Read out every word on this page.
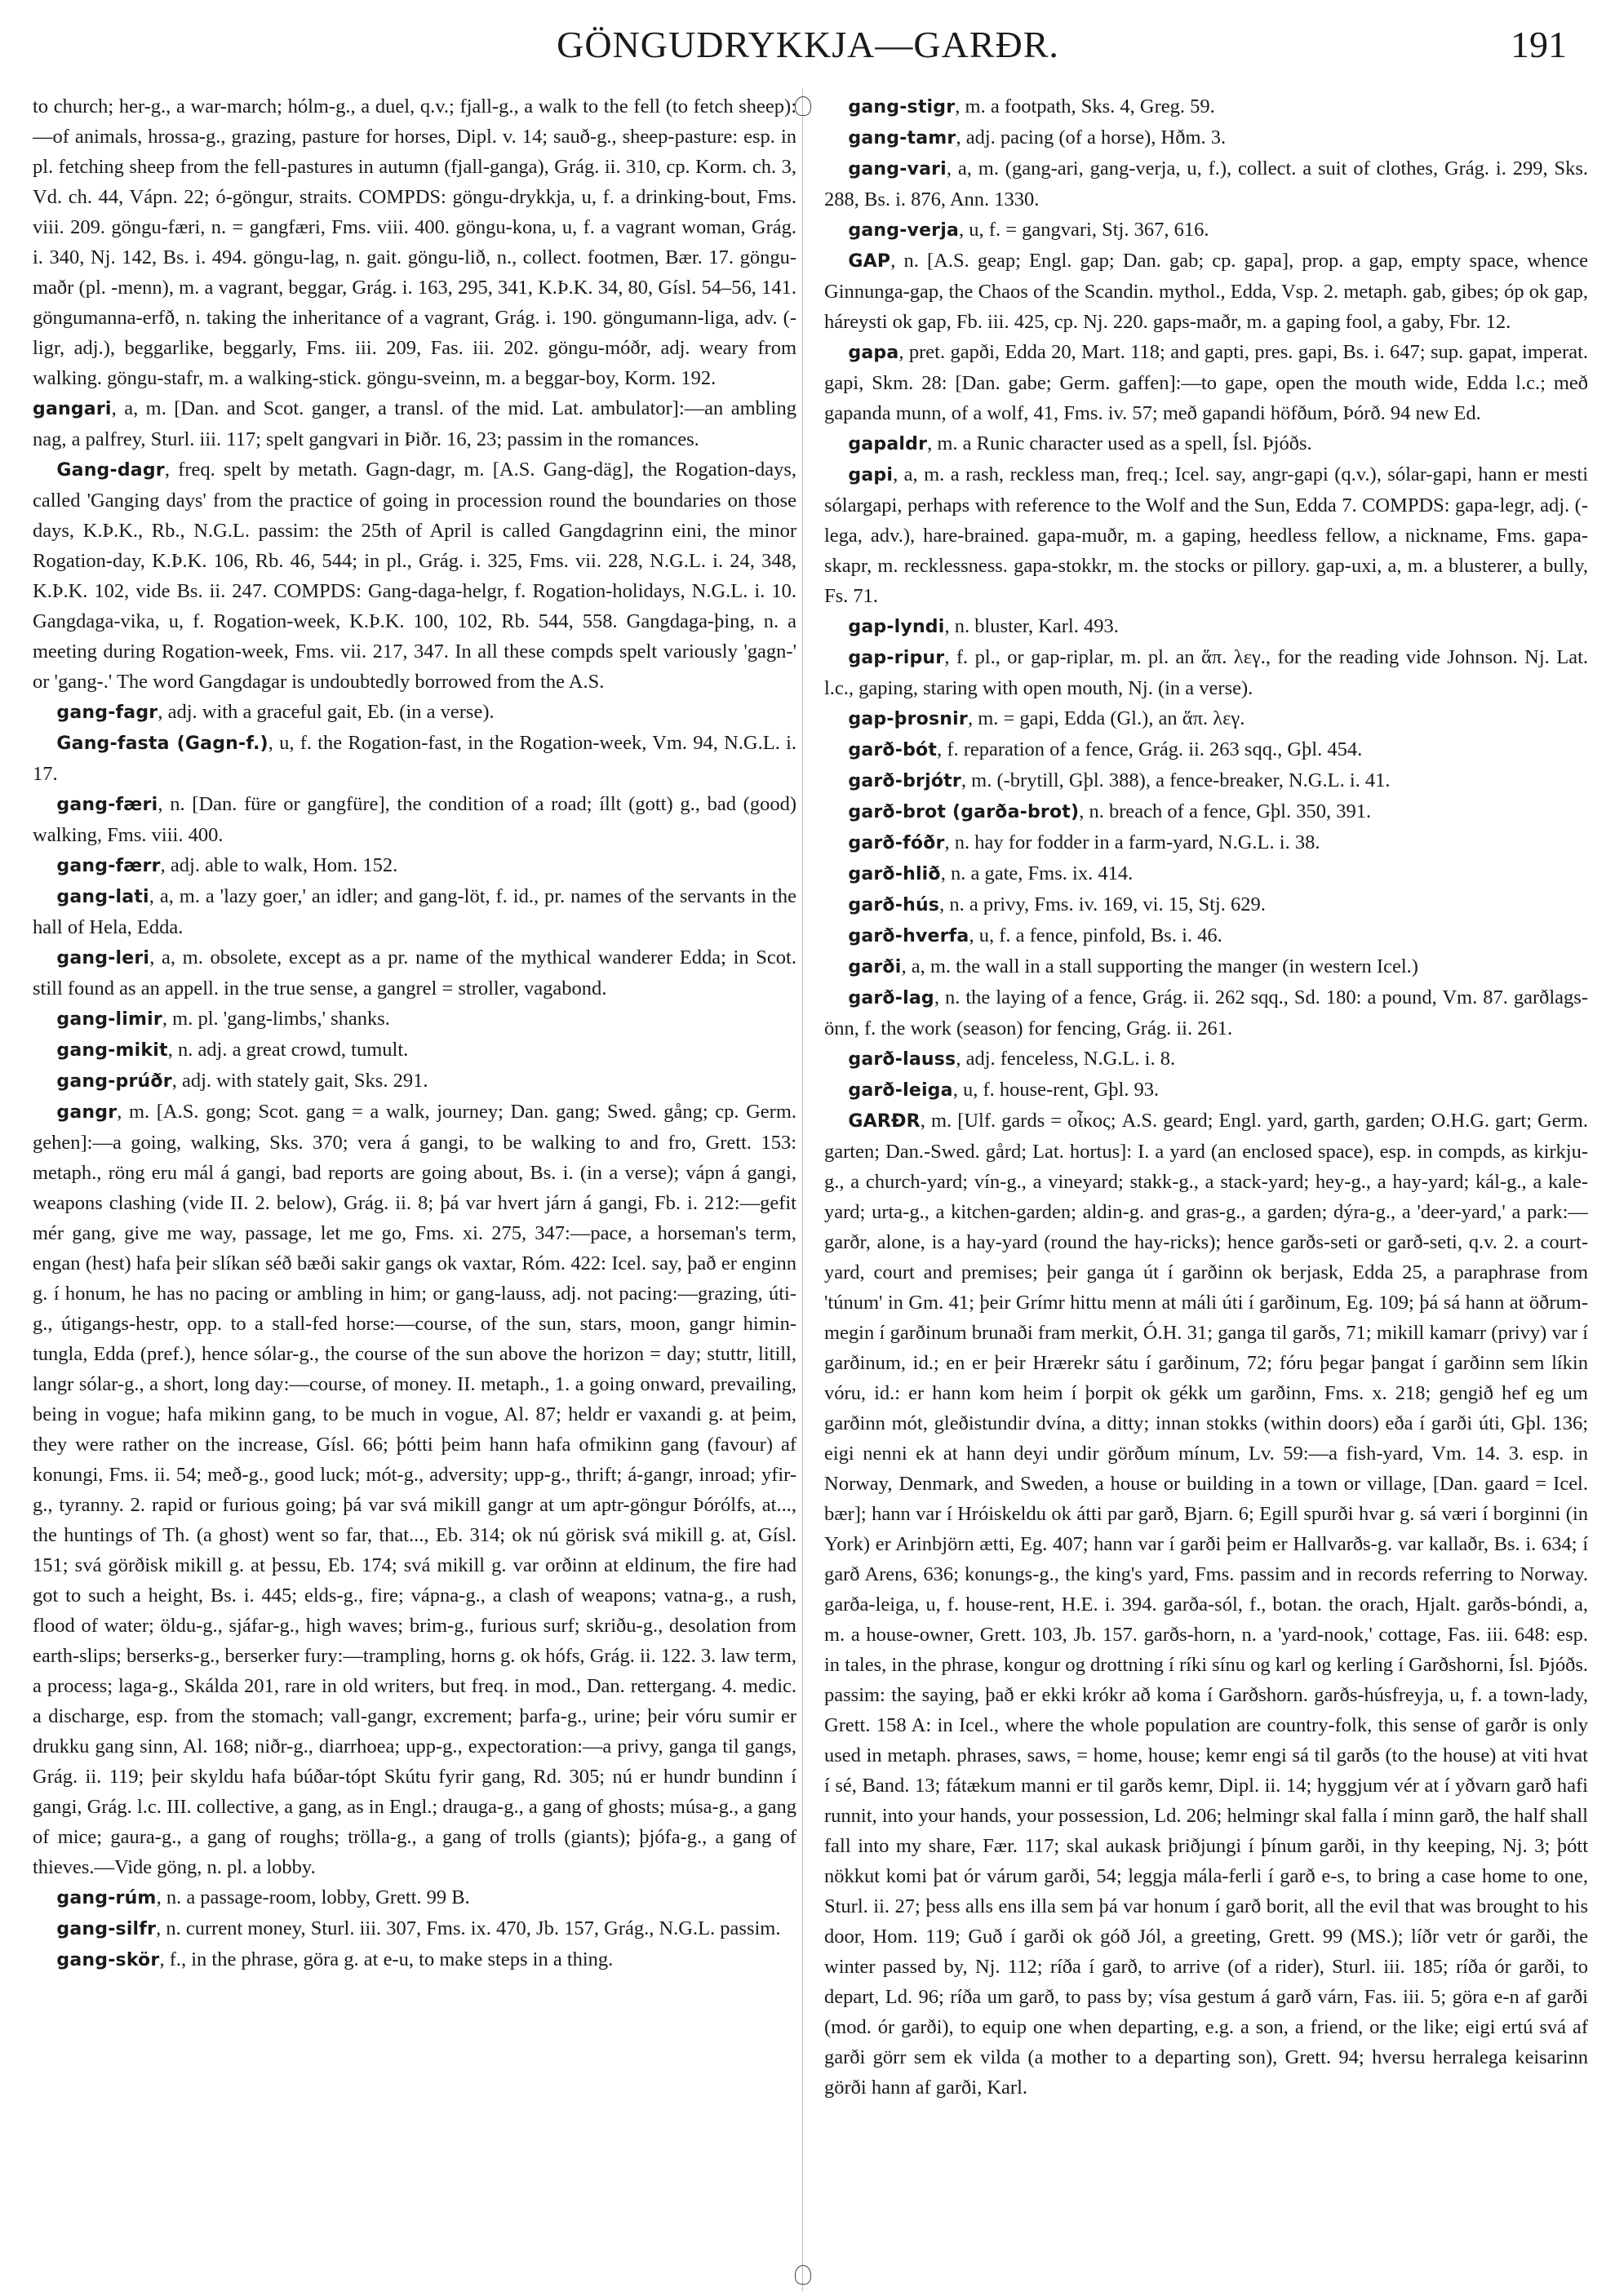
GÖNGUDRYKKJA—GARÐR.	191

to church; her-g., a war-march; hólm-g., a duel, q.v.; fjall-g., a walk to the fell (to fetch sheep):—of animals, hrossa-g., grazing, pasture for horses, Dipl. v. 14; sauð-g., sheep-pasture: esp. in pl. fetching sheep from the fell-pastures in autumn (fjall-ganga), Grág. ii. 310, cp. Korm. ch. 3, Vd. ch. 44, Vápn. 22; ó-göngur, straits. COMPDS: göngu-drykkja, u, f. a drinking-bout, Fms. viii. 209. göngu-færi, n. = gangfæri, Fms. viii. 400. göngu-kona, u, f. a vagrant woman, Grág. i. 340, Nj. 142, Bs. i. 494. göngu-lag, n. gait. göngu-lið, n., collect. footmen, Bær. 17. göngu-maðr (pl. -menn), m. a vagrant, beggar, Grág. i. 163, 295, 341, K.Þ.K. 34, 80, Gísl. 54–56, 141. göngumanna-erfð, n. taking the inheritance of a vagrant, Grág. i. 190. göngumann-liga, adv. (-ligr, adj.), beggarlike, beggarly, Fms. iii. 209, Fas. iii. 202. göngu-móðr, adj. weary from walking. göngu-stafr, m. a walking-stick. göngu-sveinn, m. a beggar-boy, Korm. 192.

gangari, a, m. [Dan. and Scot. ganger, a transl. of the mid. Lat. ambulator]:—an ambling nag, a palfrey, Sturl. iii. 117; spelt gangvari in Þiðr. 16, 23; passim in the romances.

Gang-dagr, freq. spelt by metath. Gagn-dagr, m. [A.S. Gang-däg], the Rogation-days, called 'Ganging days' from the practice of going in procession round the boundaries on those days, K.Þ.K., Rb., N.G.L. passim: the 25th of April is called Gangdagrinn eini, the minor Rogation-day, K.Þ.K. 106, Rb. 46, 544; in pl., Grág. i. 325, Fms. vii. 228, N.G.L. i. 24, 348, K.Þ.K. 102, vide Bs. ii. 247. COMPDS: Gang-daga-helgr, f. Rogation-holidays, N.G.L. i. 10. Gangdaga-vika, u, f. Rogation-week, K.Þ.K. 100, 102, Rb. 544, 558. Gangdaga-þing, n. a meeting during Rogation-week, Fms. vii. 217, 347. In all these compds spelt variously 'gagn-' or 'gang-.' The word Gangdagar is undoubtedly borrowed from the A.S.

gang-fagr, adj. with a graceful gait, Eb. (in a verse).

Gang-fasta (Gagn-f.), u, f. the Rogation-fast, in the Rogation-week, Vm. 94, N.G.L. i. 17.

gang-færi, n. [Dan. füre or gangfüre], the condition of a road; íllt (gott) g., bad (good) walking, Fms. viii. 400.

gang-færr, adj. able to walk, Hom. 152.

gang-lati, a, m. a 'lazy goer,' an idler; and gang-löt, f. id., pr. names of the servants in the hall of Hela, Edda.

gang-leri, a, m. obsolete, except as a pr. name of the mythical wanderer Edda; in Scot. still found as an appell. in the true sense, a gangrel = stroller, vagabond.

gang-limir, m. pl. 'gang-limbs,' shanks.

gang-mikit, n. adj. a great crowd, tumult.

gang-prúðr, adj. with stately gait, Sks. 291.

gangr, m. [A.S. gong; Scot. gang = a walk, journey; Dan. gang; Swed. gång; cp. Germ. gehen]:—a going, walking, Sks. 370; vera á gangi, to be walking to and fro, Grett. 153: metaph., röng eru mál á gangi, bad reports are going about, Bs. i. (in a verse); vápn á gangi, weapons clashing (vide II. 2. below), Grág. ii. 8; þá var hvert járn á gangi, Fb. i. 212:—gefit mér gang, give me way, passage, let me go, Fms. xi. 275, 347:—pace, a horseman's term, engan (hest) hafa þeir slíkan séð bæði sakir gangs ok vaxtar, Róm. 422: Icel. say, það er enginn g. í honum, he has no pacing or ambling in him; or gang-lauss, adj. not pacing:—grazing, úti-g., útigangs-hestr, opp. to a stall-fed horse:—course, of the sun, stars, moon, gangr himin-tungla, Edda (pref.), hence sólar-g., the course of the sun above the horizon = day; stuttr, litill, langr sólar-g., a short, long day:—course, of money. II. metaph., 1. a going onward, prevailing, being in vogue; hafa mikinn gang, to be much in vogue, Al. 87; heldr er vaxandi g. at þeim, they were rather on the increase, Gísl. 66; þótti þeim hann hafa ofmikinn gang (favour) af konungi, Fms. ii. 54; með-g., good luck; mót-g., adversity; upp-g., thrift; á-gangr, inroad; yfir-g., tyranny. 2. rapid or furious going; þá var svá mikill gangr at um aptr-göngur Þórólfs, at..., the huntings of Th. (a ghost) went so far, that..., Eb. 314; ok nú görisk svá mikill g. at, Gísl. 151; svá görðisk mikill g. at þessu, Eb. 174; svá mikill g. var orðinn at eldinum, the fire had got to such a height, Bs. i. 445; elds-g., fire; vápna-g., a clash of weapons; vatna-g., a rush, flood of water; öldu-g., sjáfar-g., high waves; brim-g., furious surf; skriðu-g., desolation from earth-slips; berserks-g., berserker fury:—trampling, horns g. ok hófs, Grág. ii. 122. 3. law term, a process; laga-g., Skálda 201, rare in old writers, but freq. in mod., Dan. rettergang. 4. medic. a discharge, esp. from the stomach; vall-gangr, excrement; þarfa-g., urine; þeir vóru sumir er drukku gang sinn, Al. 168; niðr-g., diarrhoea; upp-g., expectoration:—a privy, ganga til gangs, Grág. ii. 119; þeir skyldu hafa búðar-tópt Skútu fyrir gang, Rd. 305; nú er hundr bundinn í gangi, Grág. l.c. III. collective, a gang, as in Engl.; drauga-g., a gang of ghosts; músa-g., a gang of mice; gaura-g., a gang of roughs; trölla-g., a gang of trolls (giants); þjófa-g., a gang of thieves.—Vide göng, n. pl. a lobby.

gang-rúm, n. a passage-room, lobby, Grett. 99 B.

gang-silfr, n. current money, Sturl. iii. 307, Fms. ix. 470, Jb. 157, Grág., N.G.L. passim.

gang-skör, f., in the phrase, göra g. at e-u, to make steps in a thing.

gang-stigr, m. a footpath, Sks. 4, Greg. 59.

gang-tamr, adj. pacing (of a horse), Hðm. 3.

gang-vari, a, m. (gang-ari, gang-verja, u, f.), collect. a suit of clothes, Grág. i. 299, Sks. 288, Bs. i. 876, Ann. 1330.

gang-verja, u, f. = gangvari, Stj. 367, 616.

GAP, n. [A.S. geap; Engl. gap; Dan. gab; cp. gapa], prop. a gap, empty space, whence Ginnunga-gap, the Chaos of the Scandin. mythol., Edda, Vsp. 2. metaph. gab, gibes; óp ok gap, háreysti ok gap, Fb. iii. 425, cp. Nj. 220. gaps-maðr, m. a gaping fool, a gaby, Fbr. 12.

gapa, pret. gapði, Edda 20, Mart. 118; and gapti, pres. gapi, Bs. i. 647; sup. gapat, imperat. gapi, Skm. 28: [Dan. gabe; Germ. gaffen]:—to gape, open the mouth wide, Edda l.c.; með gapanda munn, of a wolf, 41, Fms. iv. 57; með gapandi höfðum, Þórð. 94 new Ed.

gapaldr, m. a Runic character used as a spell, Ísl. Þjóðs.

gapi, a, m. a rash, reckless man, freq.; Icel. say, angr-gapi (q.v.), sólar-gapi, hann er mesti sólargapi, perhaps with reference to the Wolf and the Sun, Edda 7. COMPDS: gapa-legr, adj. (-lega, adv.), hare-brained. gapa-muðr, m. a gaping, heedless fellow, a nickname, Fms. gapa-skapr, m. recklessness. gapa-stokkr, m. the stocks or pillory. gap-uxi, a, m. a blusterer, a bully, Fs. 71.

gap-lyndi, n. bluster, Karl. 493.

gap-ripur, f. pl., or gap-riplar, m. pl. an ἅπ. λεγ., for the reading vide Johnson. Nj. Lat. l.c., gaping, staring with open mouth, Nj. (in a verse).

gap-þrosnir, m. = gapi, Edda (Gl.), an ἅπ. λεγ.

garð-bót, f. reparation of a fence, Grág. ii. 263 sqq., Gþl. 454.

garð-brjótr, m. (-brytill, Gþl. 388), a fence-breaker, N.G.L. i. 41.

garð-brot (garða-brot), n. breach of a fence, Gþl. 350, 391.

garð-fóðr, n. hay for fodder in a farm-yard, N.G.L. i. 38.

garð-hlið, n. a gate, Fms. ix. 414.

garð-hús, n. a privy, Fms. iv. 169, vi. 15, Stj. 629.

garð-hverfa, u, f. a fence, pinfold, Bs. i. 46.

garði, a, m. the wall in a stall supporting the manger (in western Icel.)

garð-lag, n. the laying of a fence, Grág. ii. 262 sqq., Sd. 180: a pound, Vm. 87. garðlags-önn, f. the work (season) for fencing, Grág. ii. 261.

garð-lauss, adj. fenceless, N.G.L. i. 8.

garð-leiga, u, f. house-rent, Gþl. 93.

GARÐR, m. [Ulf. gards = οἶκος; A.S. geard; Engl. yard, garth, garden; O.H.G. gart; Germ. garten; Dan.-Swed. gård; Lat. hortus]: I. a yard (an enclosed space), esp. in compds, as kirkju-g., a church-yard; vín-g., a vineyard; stakk-g., a stack-yard; hey-g., a hay-yard; kál-g., a kale-yard; urta-g., a kitchen-garden; aldin-g. and gras-g., a garden; dýra-g., a 'deer-yard,' a park:—garðr, alone, is a hay-yard (round the hay-ricks); hence garðs-seti or garð-seti, q.v. 2. a court-yard, court and premises; þeir ganga út í garðinn ok berjask, Edda 25, a paraphrase from 'túnum' in Gm. 41; þeir Grímr hittu menn at máli úti í garðinum, Eg. 109; þá sá hann at öðrum-megin í garðinum brunaði fram merkit, Ó.H. 31; ganga til garðs, 71; mikill kamarr (privy) var í garðinum, id.; en er þeir Hrærekr sátu í garðinum, 72; fóru þegar þangat í garðinn sem líkin vóru, id.: er hann kom heim í þorpit ok gékk um garðinn, Fms. x. 218; gengið hef eg um garðinn mót, gleðistundir dvína, a ditty; innan stokks (within doors) eða í garði úti, Gþl. 136; eigi nenni ek at hann deyi undir görðum mínum, Lv. 59:—a fish-yard, Vm. 14. 3. esp. in Norway, Denmark, and Sweden, a house or building in a town or village, [Dan. gaard = Icel. bær]; hann var í Hróiskeldu ok átti par garð, Bjarn. 6; Egill spurði hvar g. sá væri í borginni (in York) er Arinbjörn ætti, Eg. 407; hann var í garði þeim er Hallvarðs-g. var kallaðr, Bs. i. 634; í garð Arens, 636; konungs-g., the king's yard, Fms. passim and in records referring to Norway. garða-leiga, u, f. house-rent, H.E. i. 394. garða-sól, f., botan. the orach, Hjalt. garðs-bóndi, a, m. a house-owner, Grett. 103, Jb. 157. garðs-horn, n. a 'yard-nook,' cottage, Fas. iii. 648: esp. in tales, in the phrase, kongur og drottning í ríki sínu og karl og kerling í Garðshorni, Ísl. Þjóðs. passim: the saying, það er ekki krókr að koma í Garðshorn. garðs-húsfreyja, u, f. a town-lady, Grett. 158 A: in Icel., where the whole population are country-folk, this sense of garðr is only used in metaph. phrases, saws, = home, house; kemr engi sá til garðs (to the house) at viti hvat í sé, Band. 13; fátækum manni er til garðs kemr, Dipl. ii. 14; hyggjum vér at í yðvarn garð hafi runnit, into your hands, your possession, Ld. 206; helmingr skal falla í minn garð, the half shall fall into my share, Fær. 117; skal aukask þriðjungi í þínum garði, in thy keeping, Nj. 3; þótt nökkut komi þat ór várum garði, 54; leggja mála-ferli í garð e-s, to bring a case home to one, Sturl. ii. 27; þess alls ens illa sem þá var honum í garð borit, all the evil that was brought to his door, Hom. 119; Guð í garði ok góð Jól, a greeting, Grett. 99 (MS.); líðr vetr ór garði, the winter passed by, Nj. 112; ríða í garð, to arrive (of a rider), Sturl. iii. 185; ríða ór garði, to depart, Ld. 96; ríða um garð, to pass by; vísa gestum á garð várn, Fas. iii. 5; göra e-n af garði (mod. ór garði), to equip one when departing, e.g. a son, a friend, or the like; eigi ertú svá af garði görr sem ek vilda (a mother to a departing son), Grett. 94; hversu herralega keisarinn görði hann af garði, Karl.
